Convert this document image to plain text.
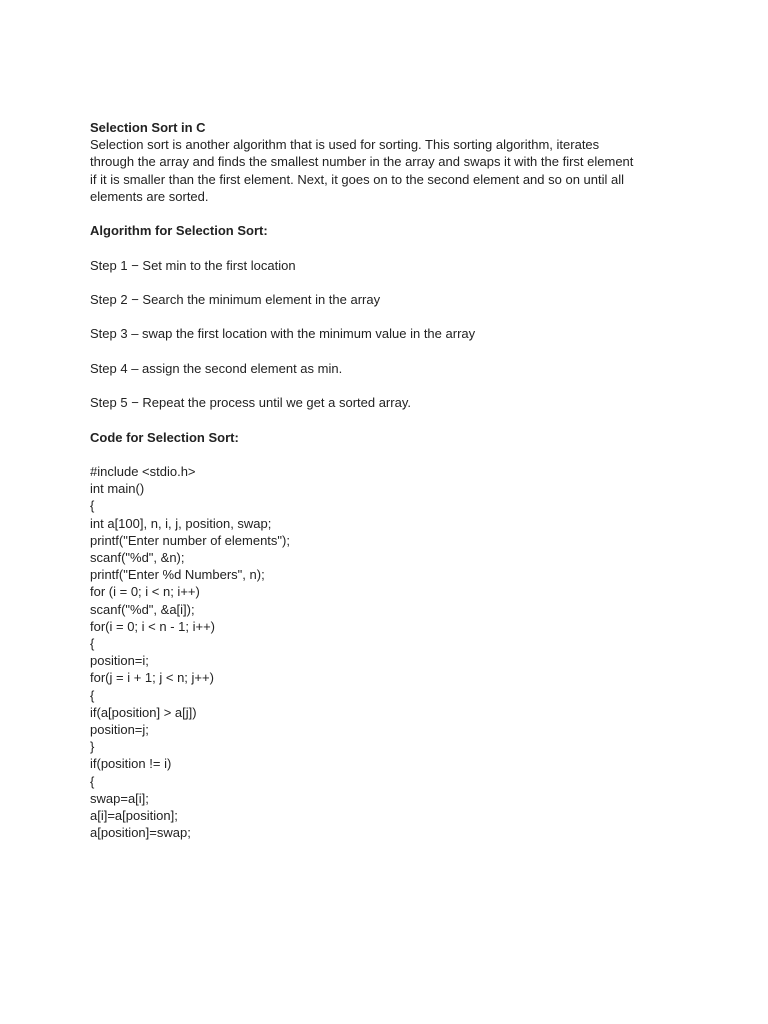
Selection Sort in C

Selection sort is another algorithm that is used for sorting. This sorting algorithm, iterates

through the array and finds the smallest number in the array and swaps it with the first element

if it is smaller than the first element. Next, it goes on to the second element and so on until all

elements are sorted.

Algorithm for Selection Sort:

Step 1 − Set min to the first location

Step 2 − Search the minimum element in the array

Step 3 – swap the first location with the minimum value in the array

Step 4 – assign the second element as min.

Step 5 − Repeat the process until we get a sorted array.

Code for Selection Sort:

#include <stdio.h>

int main()

{

int a[100], n, i, j, position, swap;

printf("Enter number of elements");

scanf("%d", &n);

printf("Enter %d Numbers", n);

for (i = 0; i < n; i++)

scanf("%d", &a[i]);

for(i = 0; i < n - 1; i++)

{

position=i;

for(j = i + 1; j < n; j++)

{

if(a[position] > a[j])

position=j;

}

if(position != i)

{

swap=a[i];

a[i]=a[position];

a[position]=swap;
